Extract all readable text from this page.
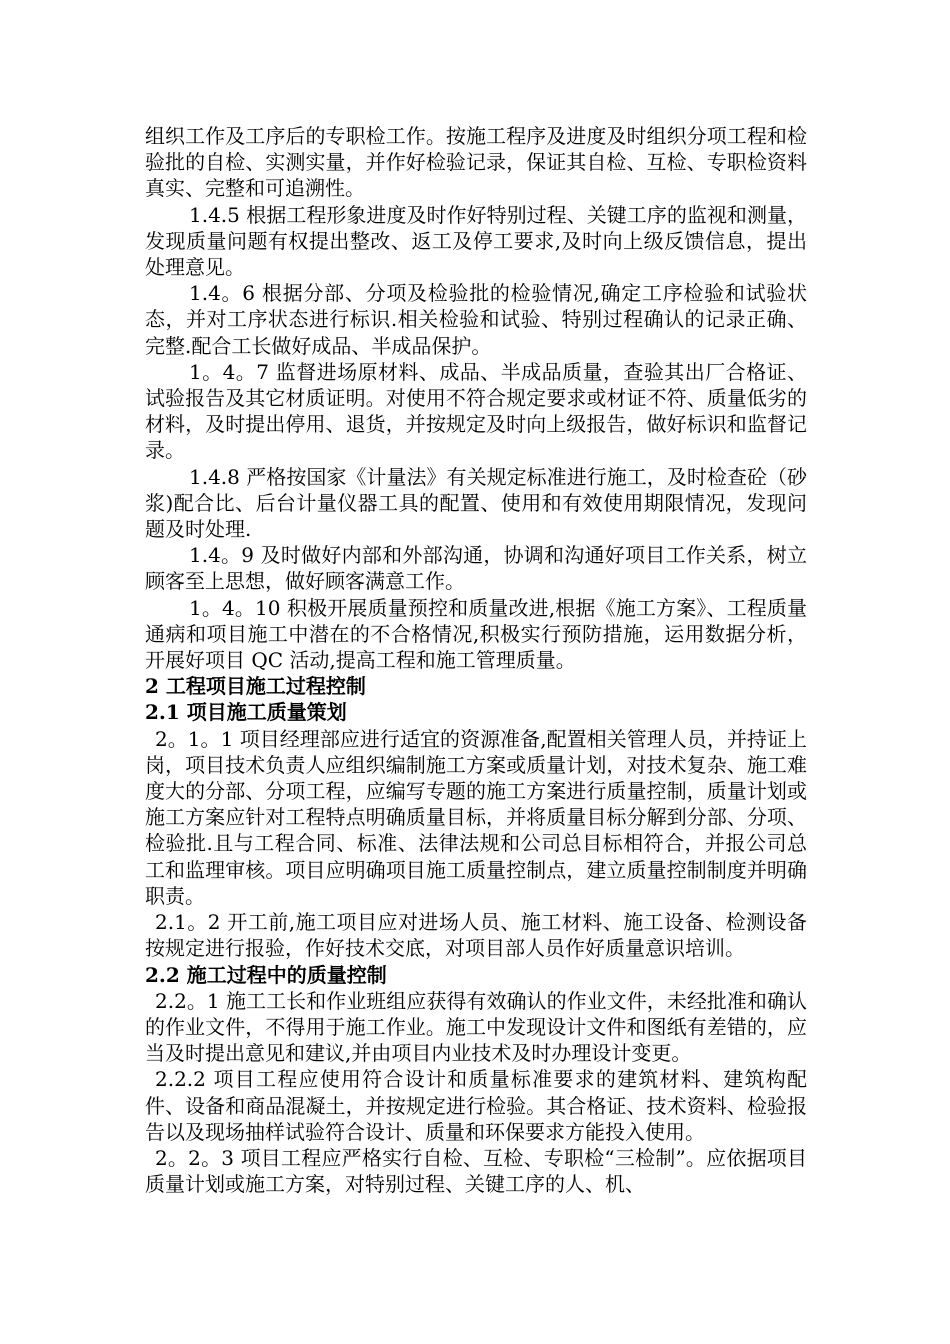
组织工作及工序后的专职检工作。按施工程序及进度及时组织分项工程和检验批的自检、实测实量，并作好检验记录，保证其自检、互检、专职检资料真实、完整和可追溯性。

1.4.5 根据工程形象进度及时作好特别过程、关键工序的监视和测量，发现质量问题有权提出整改、返工及停工要求,及时向上级反馈信息，提出处理意见。

1.4。6 根据分部、分项及检验批的检验情况,确定工序检验和试验状态，并对工序状态进行标识.相关检验和试验、特别过程确认的记录正确、完整.配合工长做好成品、半成品保护。

1。4。7 监督进场原材料、成品、半成品质量，查验其出厂合格证、试验报告及其它材质证明。对使用不符合规定要求或材证不符、质量低劣的材料，及时提出停用、退货，并按规定及时向上级报告，做好标识和监督记录。

1.4.8 严格按国家《计量法》有关规定标准进行施工，及时检查砼（砂浆)配合比、后台计量仪器工具的配置、使用和有效使用期限情况，发现问题及时处理.

1.4。9 及时做好内部和外部沟通，协调和沟通好项目工作关系，树立顾客至上思想，做好顾客满意工作。

1。4。10 积极开展质量预控和质量改进,根据《施工方案》、工程质量通病和项目施工中潜在的不合格情况,积极实行预防措施，运用数据分析，开展好项目 QC 活动,提高工程和施工管理质量。

2 工程项目施工过程控制

2.1 项目施工质量策划

2。1。1 项目经理部应进行适宜的资源准备,配置相关管理人员，并持证上岗，项目技术负责人应组织编制施工方案或质量计划，对技术复杂、施工难度大的分部、分项工程，应编写专题的施工方案进行质量控制，质量计划或施工方案应针对工程特点明确质量目标，并将质量目标分解到分部、分项、检验批.且与工程合同、标准、法律法规和公司总目标相符合，并报公司总工和监理审核。项目应明确项目施工质量控制点，建立质量控制制度并明确职责。

2.1。2 开工前,施工项目应对进场人员、施工材料、施工设备、检测设备按规定进行报验，作好技术交底，对项目部人员作好质量意识培训。

2.2 施工过程中的质量控制

2.2。1 施工工长和作业班组应获得有效确认的作业文件，未经批准和确认的作业文件，不得用于施工作业。施工中发现设计文件和图纸有差错的，应当及时提出意见和建议,并由项目内业技术及时办理设计变更。

2.2.2 项目工程应使用符合设计和质量标准要求的建筑材料、建筑构配件、设备和商品混凝土，并按规定进行检验。其合格证、技术资料、检验报告以及现场抽样试验符合设计、质量和环保要求方能投入使用。

2。2。3 项目工程应严格实行自检、互检、专职检“三检制”。应依据项目质量计划或施工方案，对特别过程、关键工序的人、机、
